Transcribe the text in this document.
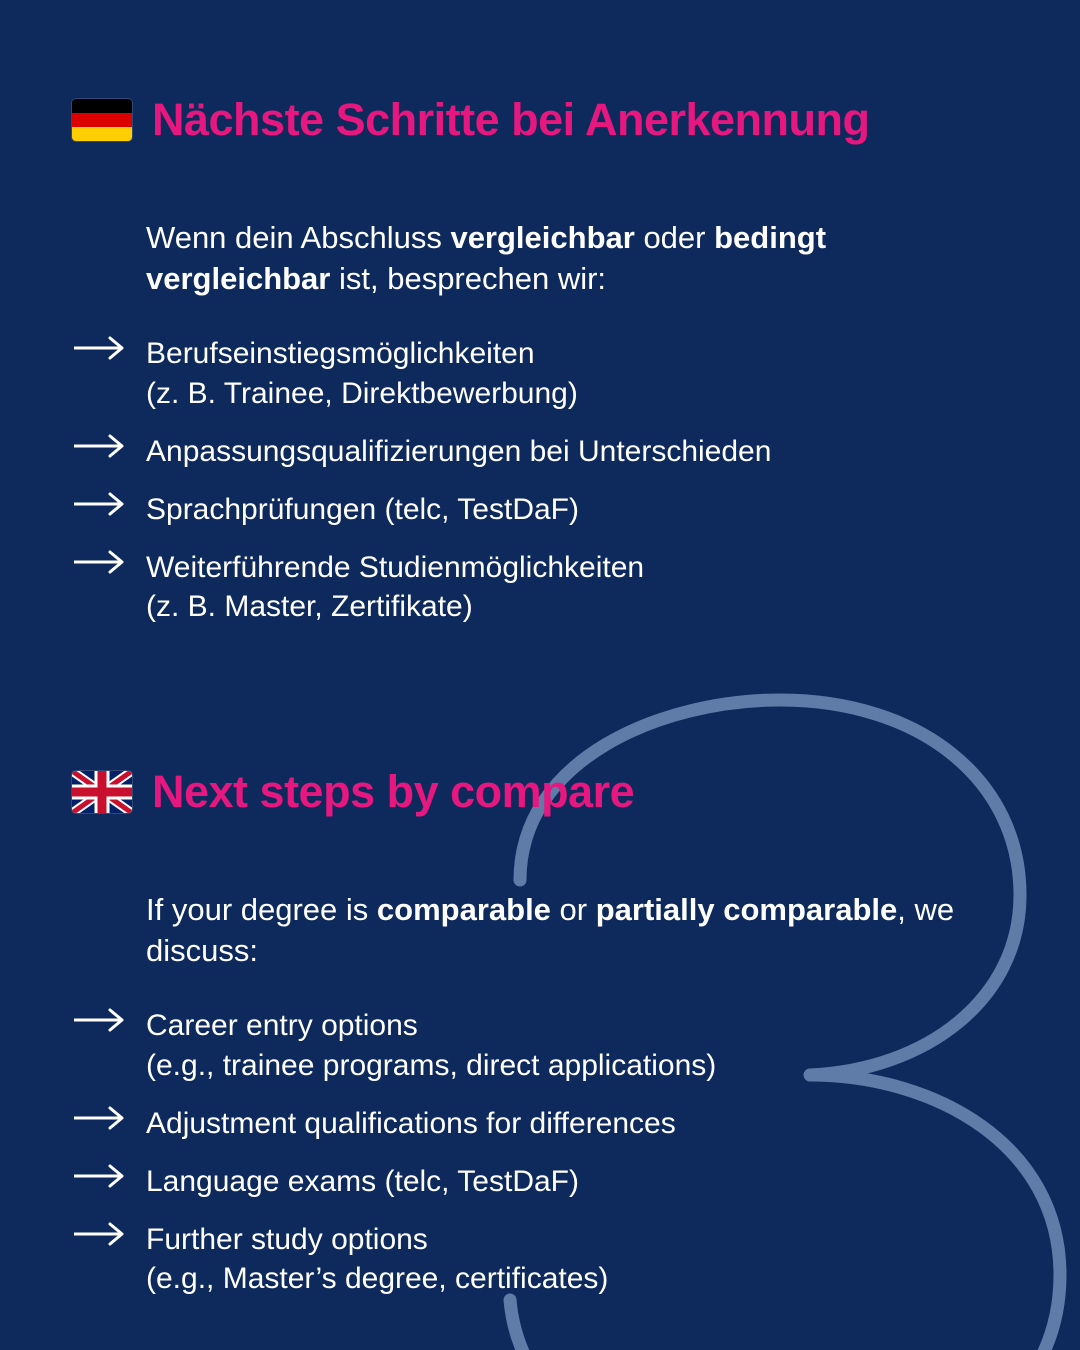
Nächste Schritte bei Anerkennung

Wenn dein Abschluss vergleichbar oder bedingt vergleichbar ist, besprechen wir:

Berufseinstiegsmöglichkeiten
(z. B. Trainee, Direktbewerbung)
Anpassungsqualifizierungen bei Unterschieden
Sprachprüfungen (telc, TestDaF)
Weiterführende Studienmöglichkeiten
(z. B. Master, Zertifikate)
Next steps by compare

If your degree is comparable or partially comparable, we discuss:

Career entry options
(e.g., trainee programs, direct applications)
Adjustment qualifications for differences
Language exams (telc, TestDaF)
Further study options
(e.g., Master’s degree, certificates)
